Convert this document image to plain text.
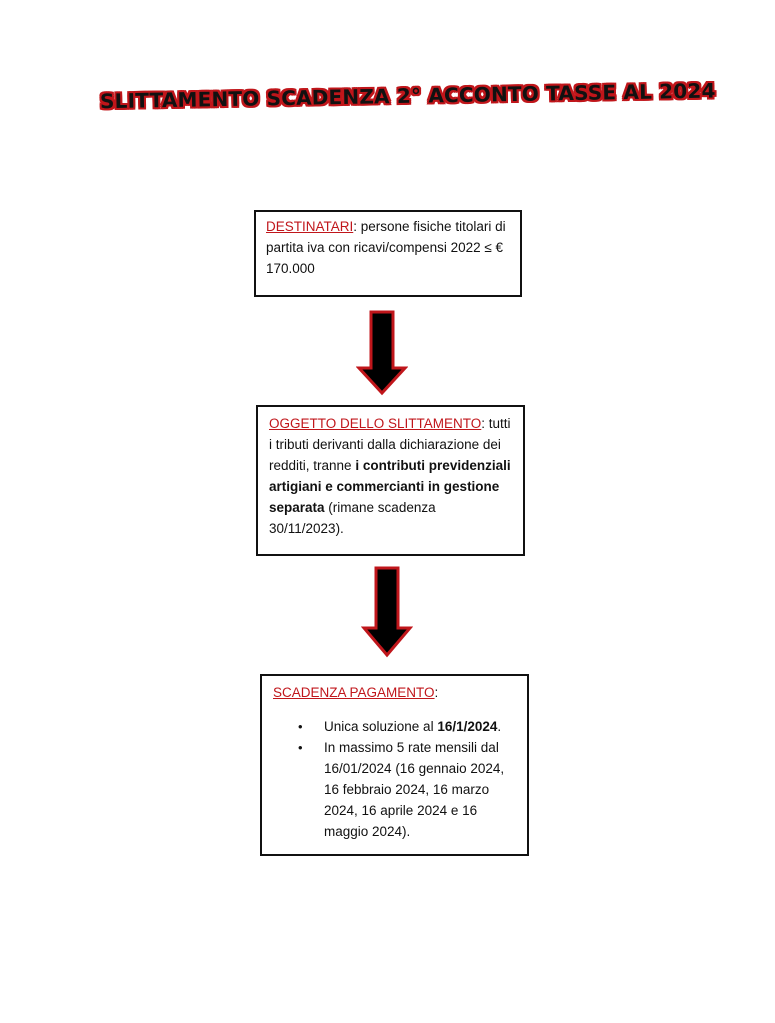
SLITTAMENTO SCADENZA 2° ACCONTO TASSE AL 2024
DESTINATARI: persone fisiche titolari di partita iva con ricavi/compensi 2022 ≤ € 170.000
OGGETTO DELLO SLITTAMENTO: tutti i tributi derivanti dalla dichiarazione dei redditi, tranne i contributi previdenziali artigiani e commercianti in gestione separata (rimane scadenza 30/11/2023).
SCADENZA PAGAMENTO:
• Unica soluzione al 16/1/2024.
• In massimo 5 rate mensili dal 16/01/2024 (16 gennaio 2024, 16 febbraio 2024, 16 marzo 2024, 16 aprile 2024 e 16 maggio 2024).
